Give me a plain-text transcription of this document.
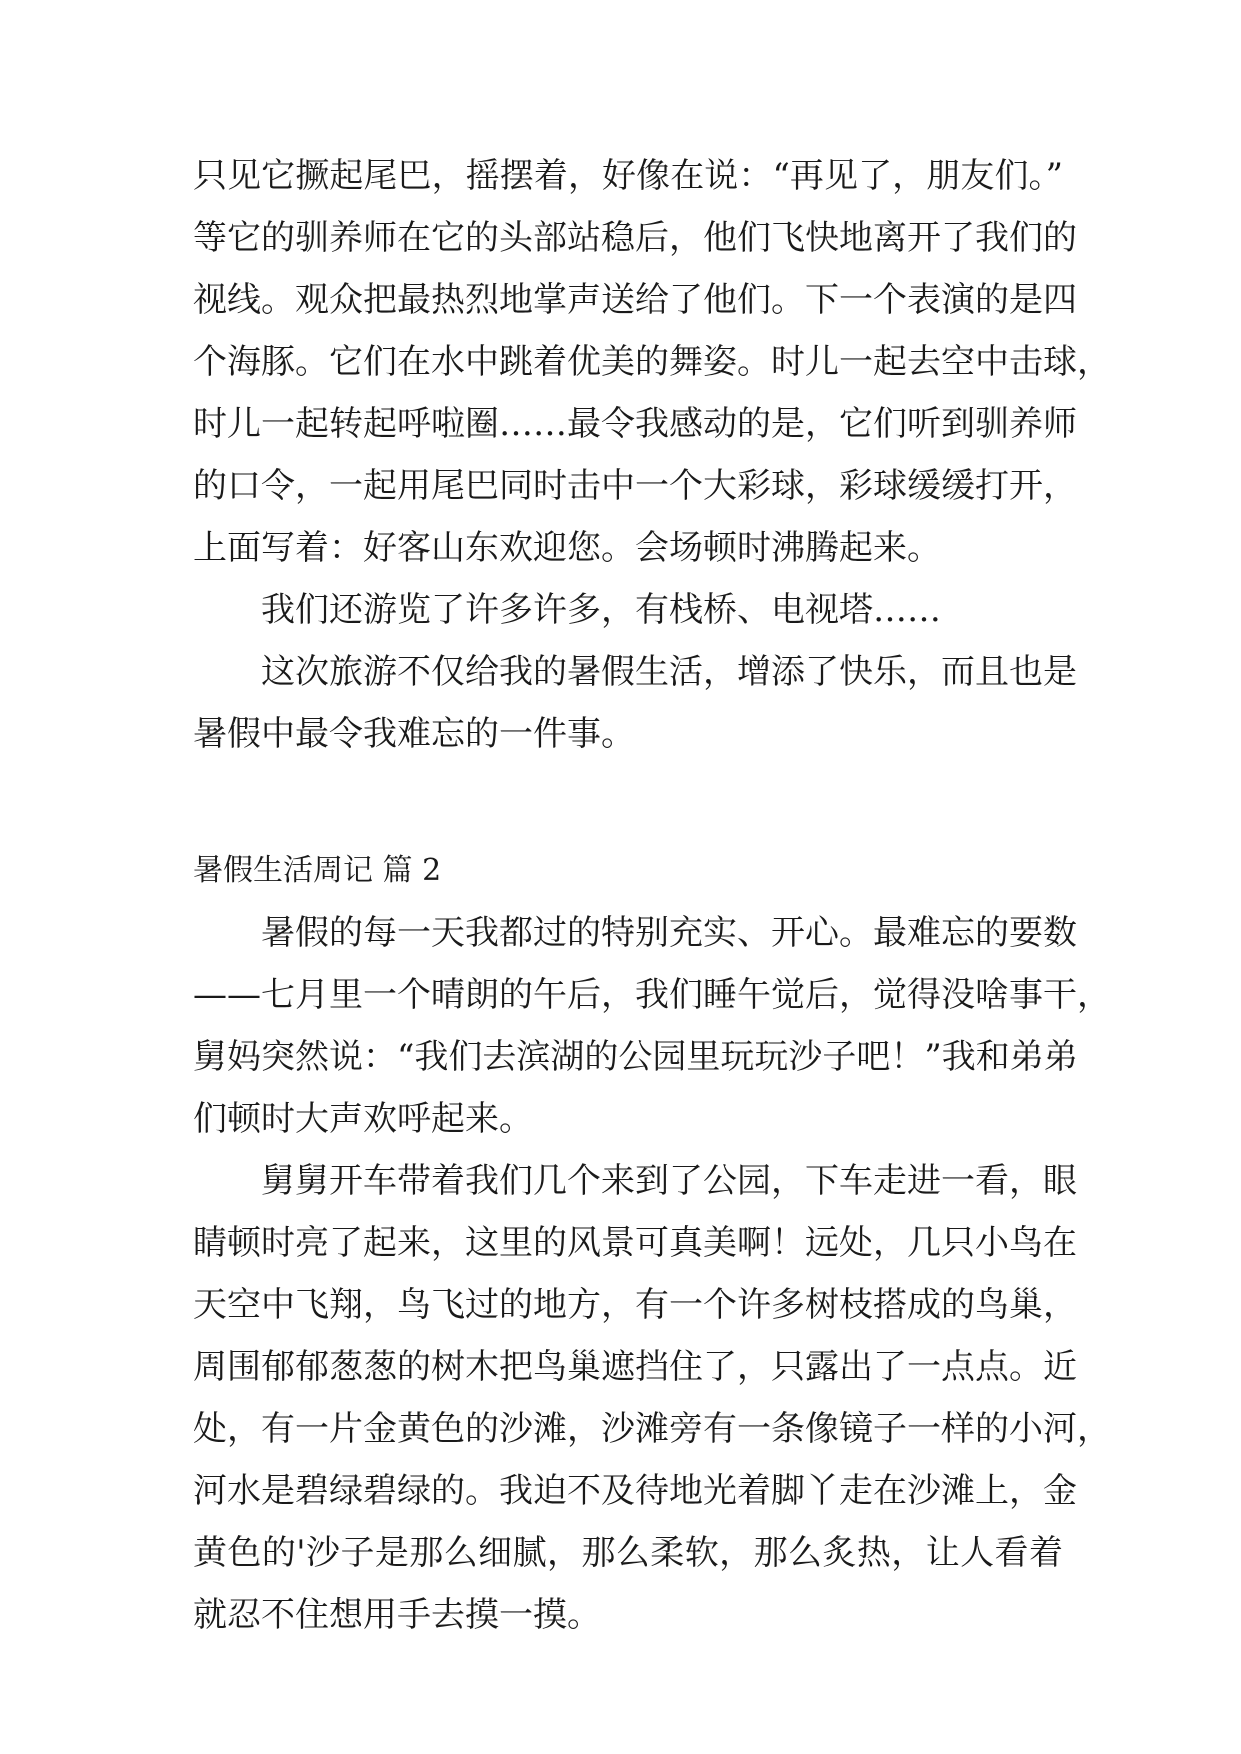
只见它撅起尾巴，摇摆着，好像在说：“再见了，朋友们。”
等它的驯养师在它的头部站稳后，他们飞快地离开了我们的
视线。观众把最热烈地掌声送给了他们。下一个表演的是四
个海豚。它们在水中跳着优美的舞姿。时儿一起去空中击球，
时儿一起转起呼啦圈……最令我感动的是，它们听到驯养师
的口令，一起用尾巴同时击中一个大彩球，彩球缓缓打开，
上面写着：好客山东欢迎您。会场顿时沸腾起来。
我们还游览了许多许多，有栈桥、电视塔……
这次旅游不仅给我的暑假生活，增添了快乐，而且也是
暑假中最令我难忘的一件事。
暑假生活周记 篇 2
暑假的每一天我都过的特别充实、开心。最难忘的要数
——七月里一个晴朗的午后，我们睡午觉后，觉得没啥事干，
舅妈突然说：“我们去滨湖的公园里玩玩沙子吧！”我和弟弟
们顿时大声欢呼起来。
舅舅开车带着我们几个来到了公园，下车走进一看，眼
睛顿时亮了起来，这里的风景可真美啊！远处，几只小鸟在
天空中飞翔，鸟飞过的地方，有一个许多树枝搭成的鸟巢，
周围郁郁葱葱的树木把鸟巢遮挡住了，只露出了一点点。近
处，有一片金黄色的沙滩，沙滩旁有一条像镜子一样的小河，
河水是碧绿碧绿的。我迫不及待地光着脚丫走在沙滩上，金
黄色的'沙子是那么细腻，那么柔软，那么炙热，让人看着
就忍不住想用手去摸一摸。
